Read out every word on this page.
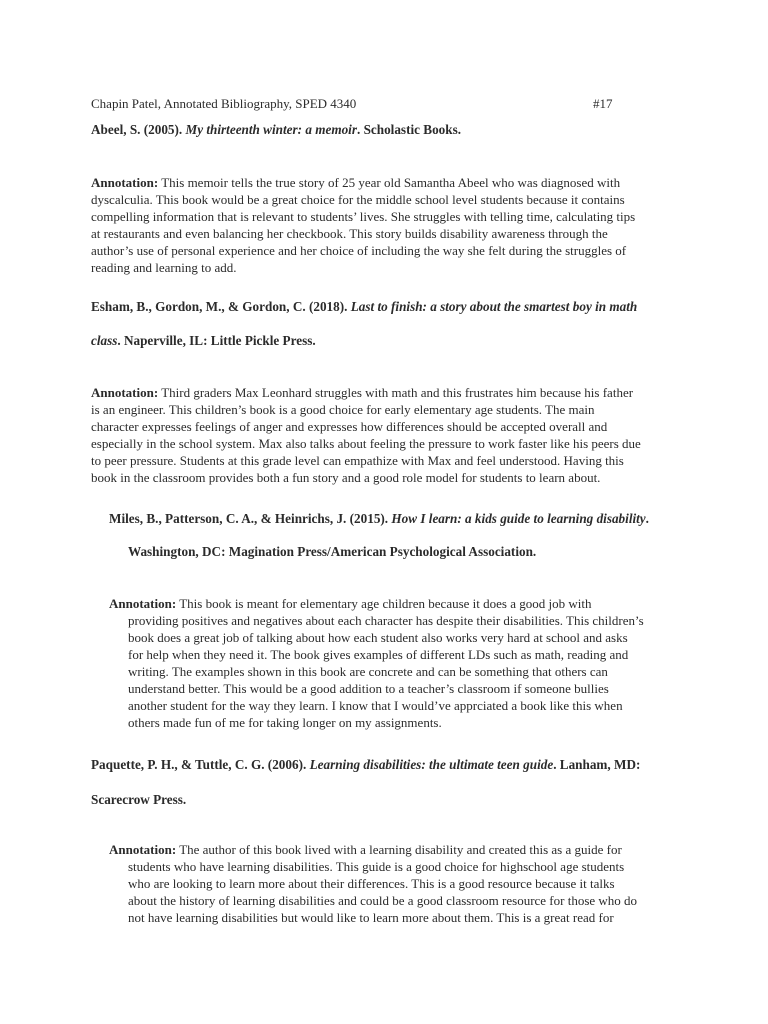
Chapin Patel, Annotated Bibliography, SPED 4340	#17
Abeel, S. (2005). My thirteenth winter: a memoir. Scholastic Books.
Annotation: This memoir tells the true story of 25 year old Samantha Abeel who was diagnosed with
dyscalculia. This book would be a great choice for the middle school level students because it contains
compelling information that is relevant to students’ lives. She struggles with telling time, calculating tips
at restaurants and even balancing her checkbook. This story builds disability awareness through the
author’s use of personal experience and her choice of including the way she felt during the struggles of
reading and learning to add.
Esham, B., Gordon, M., & Gordon, C. (2018). Last to finish: a story about the smartest boy in math
class. Naperville, IL: Little Pickle Press.
Annotation: Third graders Max Leonhard struggles with math and this frustrates him because his father
is an engineer. This children’s book is a good choice for early elementary age students. The main
character expresses feelings of anger and expresses how differences should be accepted overall and
especially in the school system. Max also talks about feeling the pressure to work faster like his peers due
to peer pressure. Students at this grade level can empathize with Max and feel understood. Having this
book in the classroom provides both a fun story and a good role model for students to learn about.
Miles, B., Patterson, C. A., & Heinrichs, J. (2015). How I learn: a kids guide to learning disability.
Washington, DC: Magination Press/American Psychological Association.
Annotation: This book is meant for elementary age children because it does a good job with
providing positives and negatives about each character has despite their disabilities. This children’s
book does a great job of talking about how each student also works very hard at school and asks
for help when they need it. The book gives examples of different LDs such as math, reading and
writing. The examples shown in this book are concrete and can be something that others can
understand better. This would be a good addition to a teacher’s classroom if someone bullies
another student for the way they learn. I know that I would’ve apprciated a book like this when
others made fun of me for taking longer on my assignments.
Paquette, P. H., & Tuttle, C. G. (2006). Learning disabilities: the ultimate teen guide. Lanham, MD:
Scarecrow Press.
Annotation: The author of this book lived with a learning disability and created this as a guide for
students who have learning disabilities. This guide is a good choice for highschool age students
who are looking to learn more about their differences. This is a good resource because it talks
about the history of learning disabilities and could be a good classroom resource for those who do
not have learning disabilities but would like to learn more about them. This is a great read for
